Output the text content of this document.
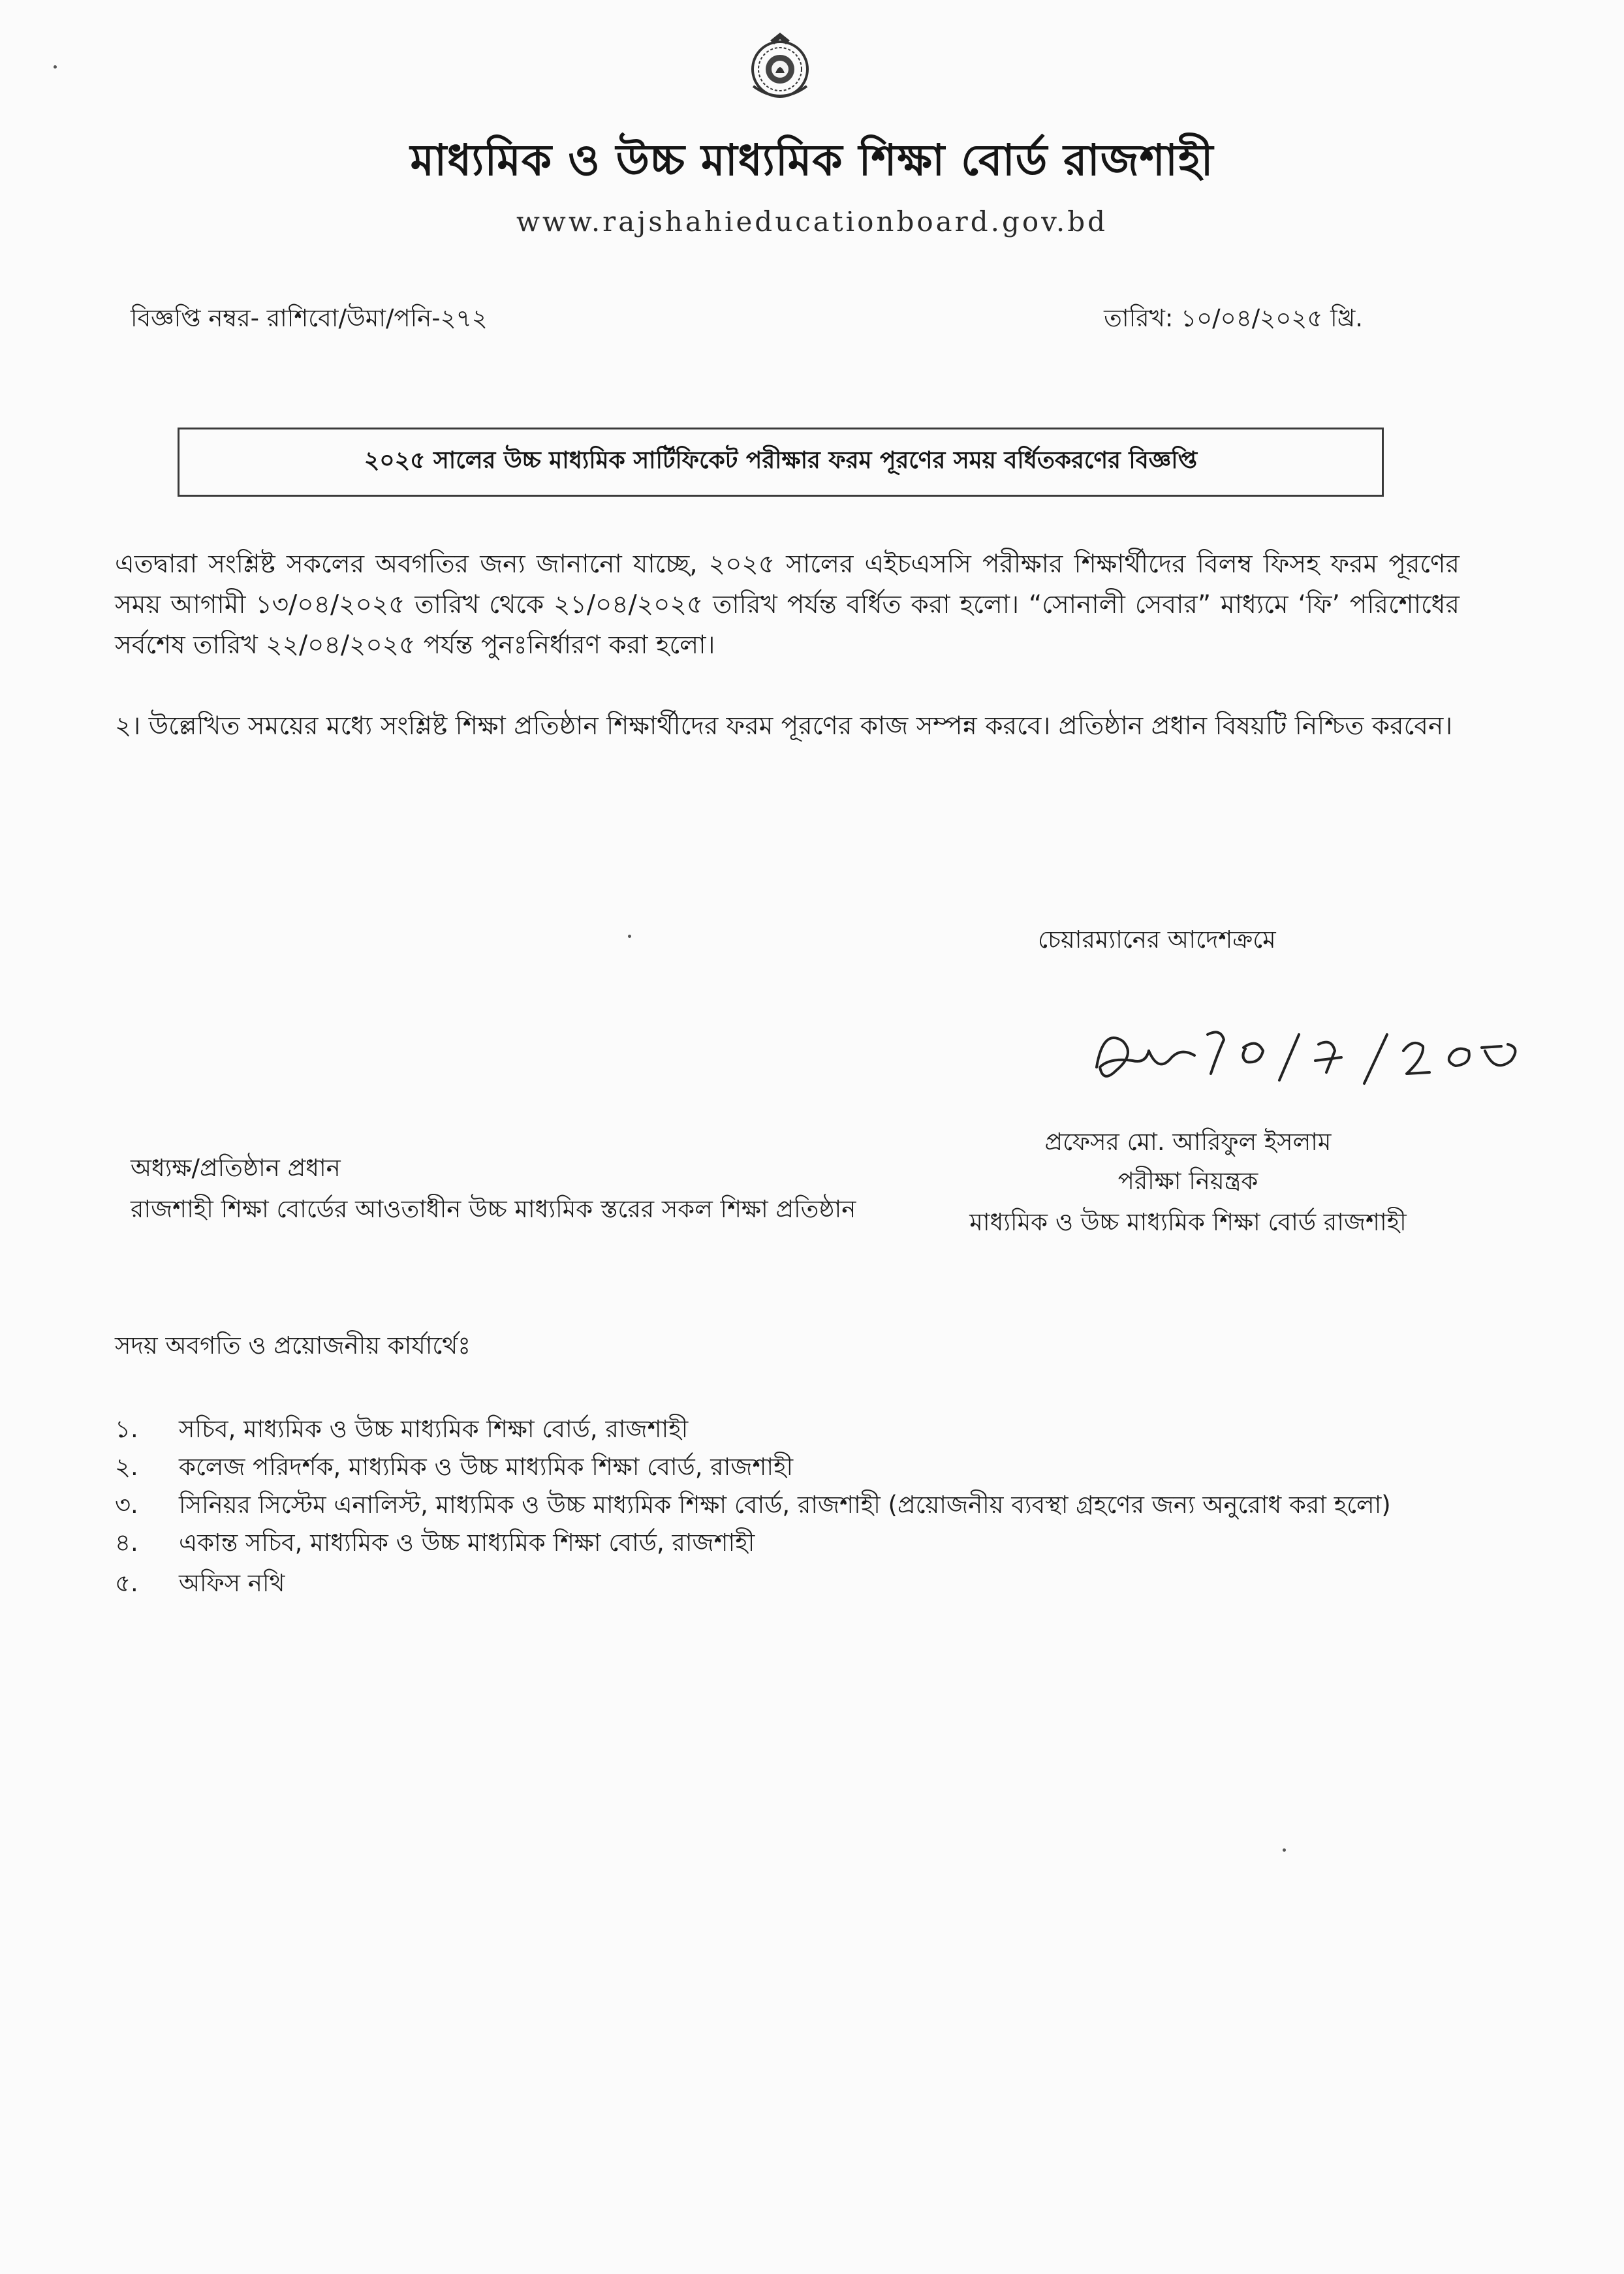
মাধ্যমিক ও উচ্চ মাধ্যমিক শিক্ষা বোর্ড রাজশাহী
www.rajshahieducationboard.gov.bd
বিজ্ঞপ্তি নম্বর- রাশিবো/উমা/পনি-২৭২	তারিখ: ১০/০৪/২০২৫ খ্রি.
২০২৫ সালের উচ্চ মাধ্যমিক সার্টিফিকেট পরীক্ষার ফরম পূরণের সময় বর্ধিতকরণের বিজ্ঞপ্তি
এতদ্বারা সংশ্লিষ্ট সকলের অবগতির জন্য জানানো যাচ্ছে, ২০২৫ সালের এইচএসসি পরীক্ষার শিক্ষার্থীদের বিলম্ব ফিসহ ফরম পূরণের সময় আগামী ১৩/০৪/২০২৫ তারিখ থেকে ২১/০৪/২০২৫ তারিখ পর্যন্ত বর্ধিত করা হলো। “সোনালী সেবার” মাধ্যমে ‘ফি’ পরিশোধের সর্বশেষ তারিখ ২২/০৪/২০২৫ পর্যন্ত পুনঃনির্ধারণ করা হলো।
২। উল্লেখিত সময়ের মধ্যে সংশ্লিষ্ট শিক্ষা প্রতিষ্ঠান শিক্ষার্থীদের ফরম পূরণের কাজ সম্পন্ন করবে। প্রতিষ্ঠান প্রধান বিষয়টি নিশ্চিত করবেন।
চেয়ারম্যানের আদেশক্রমে
প্রফেসর মো. আরিফুল ইসলাম
পরীক্ষা নিয়ন্ত্রক
মাধ্যমিক ও উচ্চ মাধ্যমিক শিক্ষা বোর্ড রাজশাহী
অধ্যক্ষ/প্রতিষ্ঠান প্রধান
রাজশাহী শিক্ষা বোর্ডের আওতাধীন উচ্চ মাধ্যমিক স্তরের সকল শিক্ষা প্রতিষ্ঠান
সদয় অবগতি ও প্রয়োজনীয় কার্যার্থেঃ
১.	সচিব, মাধ্যমিক ও উচ্চ মাধ্যমিক শিক্ষা বোর্ড, রাজশাহী
২.	কলেজ পরিদর্শক, মাধ্যমিক ও উচ্চ মাধ্যমিক শিক্ষা বোর্ড, রাজশাহী
৩.	সিনিয়র সিস্টেম এনালিস্ট, মাধ্যমিক ও উচ্চ মাধ্যমিক শিক্ষা বোর্ড, রাজশাহী (প্রয়োজনীয় ব্যবস্থা গ্রহণের জন্য অনুরোধ করা হলো)
৪.	একান্ত সচিব, মাধ্যমিক ও উচ্চ মাধ্যমিক শিক্ষা বোর্ড, রাজশাহী
৫.	অফিস নথি
